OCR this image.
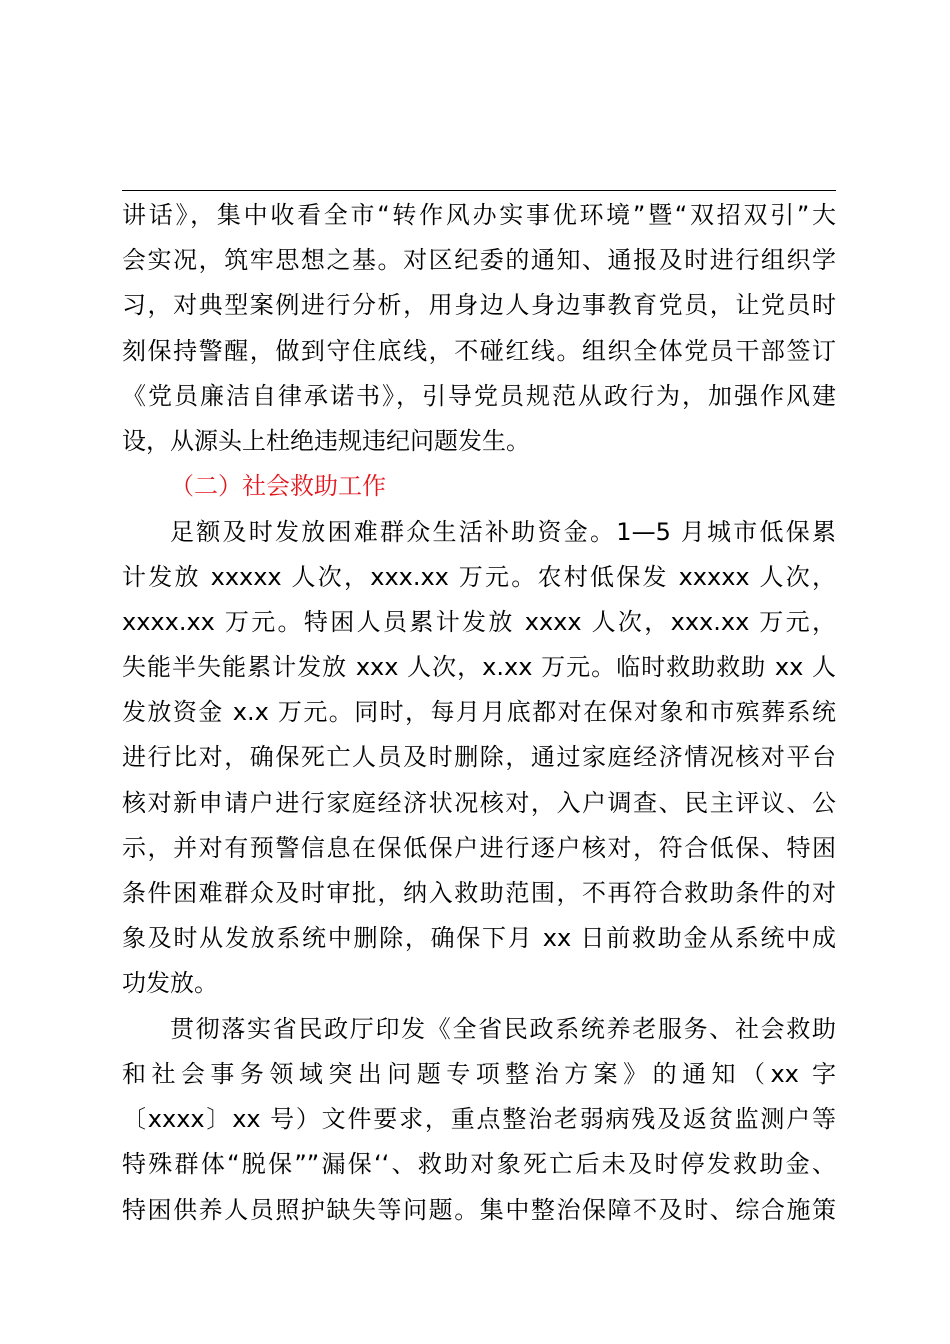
讲话》，集中收看全市“转作风办实事优环境”暨“双招双引”大
会实况，筑牢思想之基。对区纪委的通知、通报及时进行组织学
习，对典型案例进行分析，用身边人身边事教育党员，让党员时
刻保持警醒，做到守住底线，不碰红线。组织全体党员干部签订
《党员廉洁自律承诺书》，引导党员规范从政行为，加强作风建
设，从源头上杜绝违规违纪问题发生。
（二）社会救助工作
足额及时发放困难群众生活补助资金。1—5 月城市低保累
计发放 xxxxx 人次，xxx.xx 万元。农村低保发 xxxxx 人次，
xxxx.xx 万元。特困人员累计发放 xxxx 人次，xxx.xx 万元，
失能半失能累计发放 xxx 人次，x.xx 万元。临时救助救助 xx 人
发放资金 x.x 万元。同时，每月月底都对在保对象和市殡葬系统
进行比对，确保死亡人员及时删除，通过家庭经济情况核对平台
核对新申请户进行家庭经济状况核对，入户调查、民主评议、公
示，并对有预警信息在保低保户进行逐户核对，符合低保、特困
条件困难群众及时审批，纳入救助范围，不再符合救助条件的对
象及时从发放系统中删除，确保下月 xx 日前救助金从系统中成
功发放。
贯彻落实省民政厅印发《全省民政系统养老服务、社会救助
和社会事务领域突出问题专项整治方案》的通知（xx 字
〔xxxx〕xx 号）文件要求，重点整治老弱病残及返贫监测户等
特殊群体“脱保””漏保‘‘、救助对象死亡后未及时停发救助金、
特困供养人员照护缺失等问题。集中整治保障不及时、综合施策
